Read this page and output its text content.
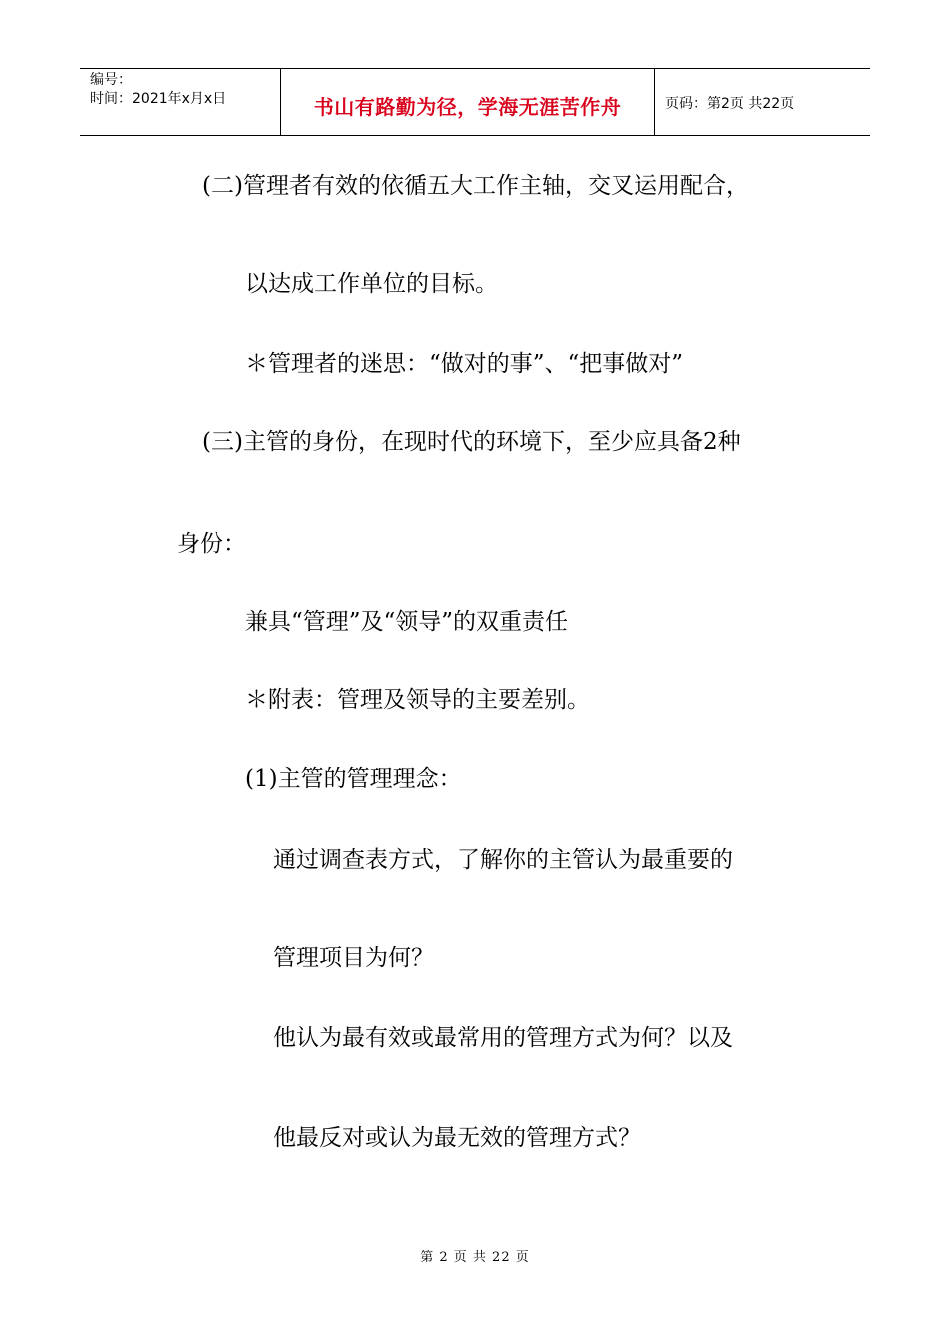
编号：
时间：2021年x月x日	书山有路勤为径，学海无涯苦作舟	页码：第2页 共22页
(二)管理者有效的依循五大工作主轴，交叉运用配合，
以达成工作单位的目标。
＊管理者的迷思：“做对的事”、“把事做对”
(三)主管的身份，在现时代的环境下，至少应具备2种
身份：
兼具“管理”及“领导”的双重责任
＊附表：管理及领导的主要差别。
(1)主管的管理理念：
通过调查表方式，了解你的主管认为最重要的
管理项目为何？
他认为最有效或最常用的管理方式为何？以及
他最反对或认为最无效的管理方式？
第 2 页 共 22 页
